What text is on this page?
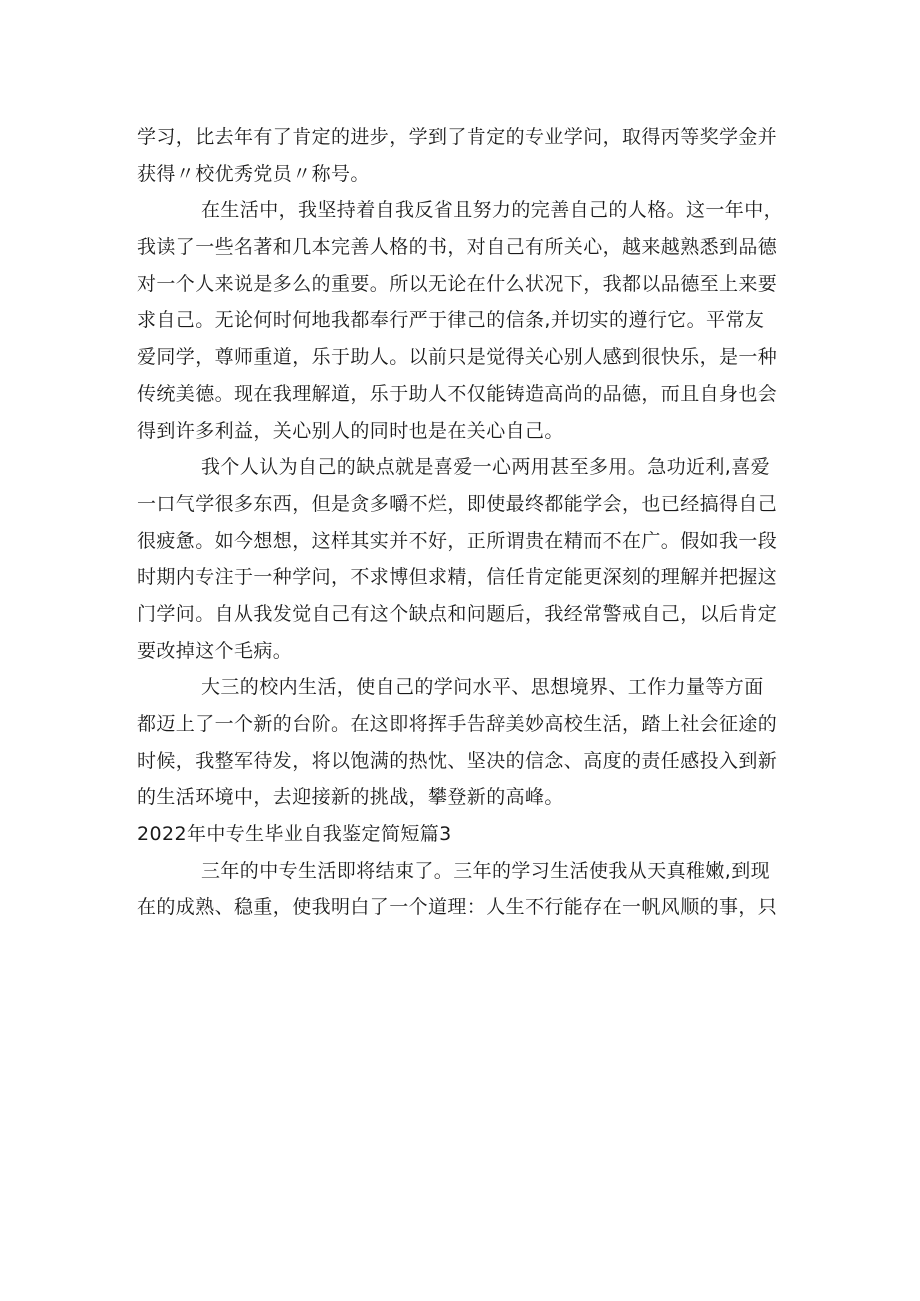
学习，比去年有了肯定的进步，学到了肯定的专业学问，取得丙等奖学金并
获得〃校优秀党员〃称号。

在生活中，我坚持着自我反省且努力的完善自己的人格。这一年中，
我读了一些名著和几本完善人格的书，对自己有所关心，越来越熟悉到品德
对一个人来说是多么的重要。所以无论在什么状况下，我都以品德至上来要
求自己。无论何时何地我都奉行严于律己的信条,并切实的遵行它。平常友
爱同学，尊师重道，乐于助人。以前只是觉得关心别人感到很快乐，是一种
传统美德。现在我理解道，乐于助人不仅能铸造高尚的品德，而且自身也会
得到许多利益，关心别人的同时也是在关心自己。

我个人认为自己的缺点就是喜爱一心两用甚至多用。急功近利,喜爱
一口气学很多东西，但是贪多嚼不烂，即使最终都能学会，也已经搞得自己
很疲惫。如今想想，这样其实并不好，正所谓贵在精而不在广。假如我一段
时期内专注于一种学问，不求博但求精，信任肯定能更深刻的理解并把握这
门学问。自从我发觉自己有这个缺点和问题后，我经常警戒自己，以后肯定
要改掉这个毛病。

大三的校内生活，使自己的学问水平、思想境界、工作力量等方面
都迈上了一个新的台阶。在这即将挥手告辞美妙高校生活，踏上社会征途的
时候，我整军待发，将以饱满的热忱、坚决的信念、高度的责任感投入到新
的生活环境中，去迎接新的挑战，攀登新的高峰。

2022年中专生毕业自我鉴定简短篇3

三年的中专生活即将结束了。三年的学习生活使我从天真稚嫩,到现
在的成熟、稳重，使我明白了一个道理：人生不行能存在一帆风顺的事，只
